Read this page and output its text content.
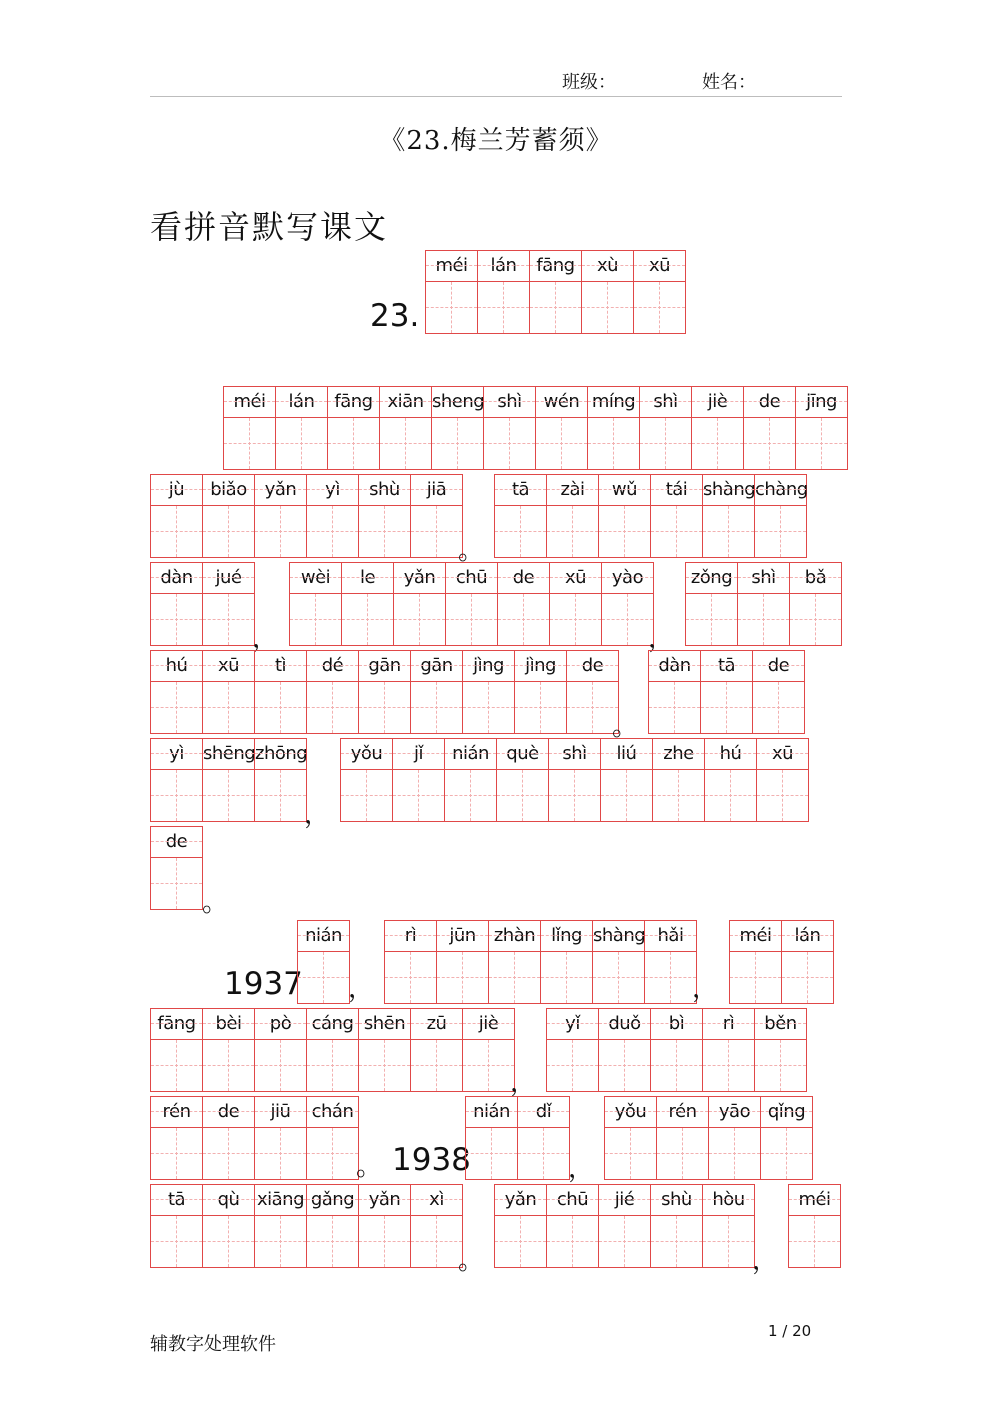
班级：	姓名：
《23.梅兰芳蓄须》
看拼音默写课文
23.
1937
1938
méi	lán	fāng	xù	xū
méi	lán	fāng xiān sheng shì	wén míng	shì	jiè	de	jīng
jù	biǎo yǎn	yì	shù	jiā
。
tā	zài	wǔ	tái shàng chàng
dàn	jué
，
wèi	le	yǎn	chū	de	xū	yào
，
zǒng	shì	bǎ
hú	xū	tì	dé	gān	gān	jìng	jìng	de
。
dàn	tā	de
yì	shēng zhōng
，
yǒu	jǐ	nián què	shì	liú	zhe	hú	xū
de
。
nián
，
rì	jūn	zhàn lǐng shàng hǎi
，
méi	lán
fāng	bèi	pò	cáng shēn	zū	jiè
，
yǐ	duǒ	bì	rì	běn
rén	de	jiū	chán
。
nián	dǐ
，
yǒu	rén	yāo qǐng
tā	qù xiāng gǎng yǎn	xì
。
yǎn	chū	jié	shù	hòu
，
méi
辅教字处理软件
1 / 20
